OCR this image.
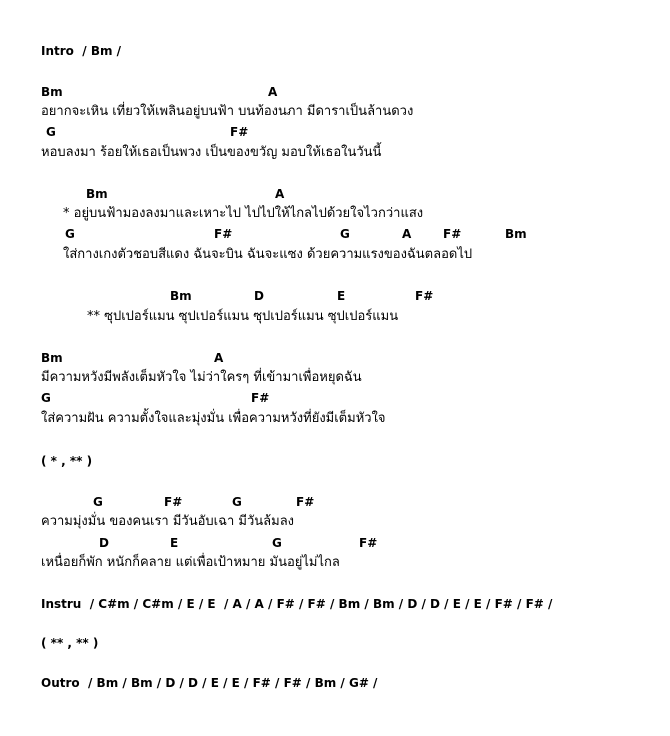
Intro  / Bm /
Bm	A
อยากจะเหิน เที่ยวให้เพลินอยู่บนฟ้า บนท้องนภา มีดาราเป็นล้านดวง
G	F#
หอบลงมา ร้อยให้เธอเป็นพวง เป็นของขวัญ มอบให้เธอในวันนี้
Bm	A
* อยู่บนฟ้ามองลงมาและเหาะไป ไปไปให้ไกลไปด้วยใจไวกว่าแสง
G	F#	G	A	F#	Bm
ใส่กางเกงตัวชอบสีแดง ฉันจะบิน ฉันจะแซง ด้วยความแรงของฉันตลอดไป
Bm	D	E	F#
** ซุปเปอร์แมน ซุปเปอร์แมน ซุปเปอร์แมน ซุปเปอร์แมน
Bm	A
มีความหวังมีพลังเต็มหัวใจ ไม่ว่าใครๆ ที่เข้ามาเพื่อหยุดฉัน
G	F#
ใส่ความฝัน ความตั้งใจและมุ่งมั่น เพื่อความหวังที่ยังมีเต็มหัวใจ
( * , ** )
G	F#	G	F#
ความมุ่งมั่น ของคนเรา มีวันอับเฉา มีวันล้มลง
D	E	G	F#
เหนื่อยก็พัก หนักก็คลาย แต่เพื่อเป้าหมาย มันอยู่ไม่ไกล
Instru  / C#m / C#m / E / E  / A / A / F# / F# / Bm / Bm / D / D / E / E / F# / F# /
( ** , ** )
Outro  / Bm / Bm / D / D / E / E / F# / F# / Bm / G# /
